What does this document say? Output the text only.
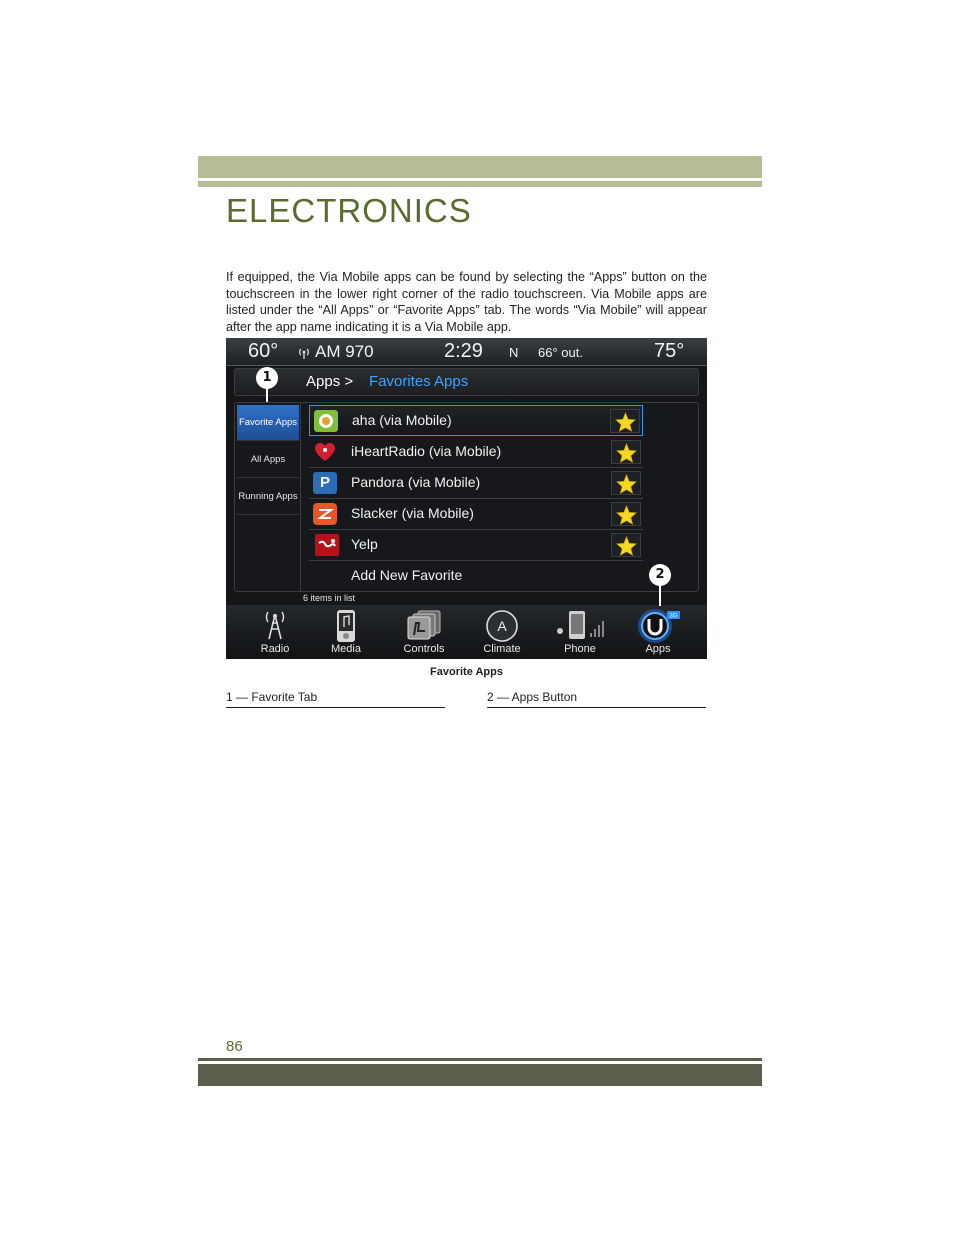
ELECTRONICS

If equipped, the Via Mobile apps can be found by selecting the “Apps” button on the touchscreen in the lower right corner of the radio touchscreen. Via Mobile apps are listed under the “All Apps” or “Favorite Apps” tab. The words “Via Mobile” will appear after the app name indicating it is a Via Mobile app.

60° AM 970	2:29 N 66° out.	75°
Apps > Favorites Apps
Favorite Apps
All Apps
Running Apps
aha (via Mobile)
iHeartRadio (via Mobile)
P	Pandora (via Mobile)
Slacker (via Mobile)
Yelp
Add New Favorite
6 items in list
Radio	Media	Controls
A
Climate	Phone
3G
Apps
1
2
Favorite Apps
1 — Favorite Tab	2 — Apps Button
86
